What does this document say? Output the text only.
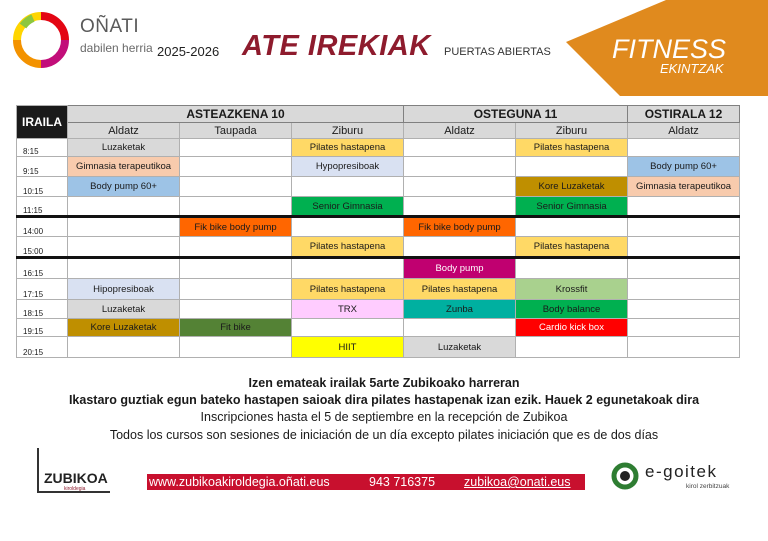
OÑATI
dabilen herria 2025-2026 ATE IREKIAK PUERTAS ABIERTAS FITNESS
EKINTZAK
IRAILA	ASTEAZKENA 10			OSTEGUNA 11		OSTIRALA 12
	Aldatz	Taupada	Ziburu	Aldatz	Ziburu	Aldatz
8:15	Luzaketak		Pilates hastapena		Pilates hastapena	
9:15	Gimnasia terapeutikoa		Hypopresiboak			Body pump 60+
10:15	Body pump 60+				Kore Luzaketak	Gimnasia terapeutikoa
11:15			Senior Gimnasia		Senior Gimnasia	
14:00		Fik bike body pump		Fik bike body pump		
15:00			Pilates hastapena		Pilates hastapena	
16:15				Body pump		
17:15	Hipopresiboak		Pilates hastapena	Pilates hastapena	Krossfit	
18:15	Luzaketak		TRX	Zunba	Body balance	
19:15	Kore Luzaketak	Fit bike			Cardio kick box	
20:15			HIIT	Luzaketak		
Izen emateak irailak 5arte Zubikoako harreran
Ikastaro guztiak egun bateko hastapen saioak dira pilates hastapenak izan ezik. Hauek 2 egunetakoak dira
Inscripciones hasta el 5 de septiembre en la recepción de Zubikoa
Todos los cursos son sesiones de iniciación de un día excepto pilates iniciación que es de dos días
ZUBIKOA
kiroldegia	www.zubikoakiroldegia.oñati.eus	943 716375 zubikoa@onati.eus
e-goitek
kirol zerbitzuak
